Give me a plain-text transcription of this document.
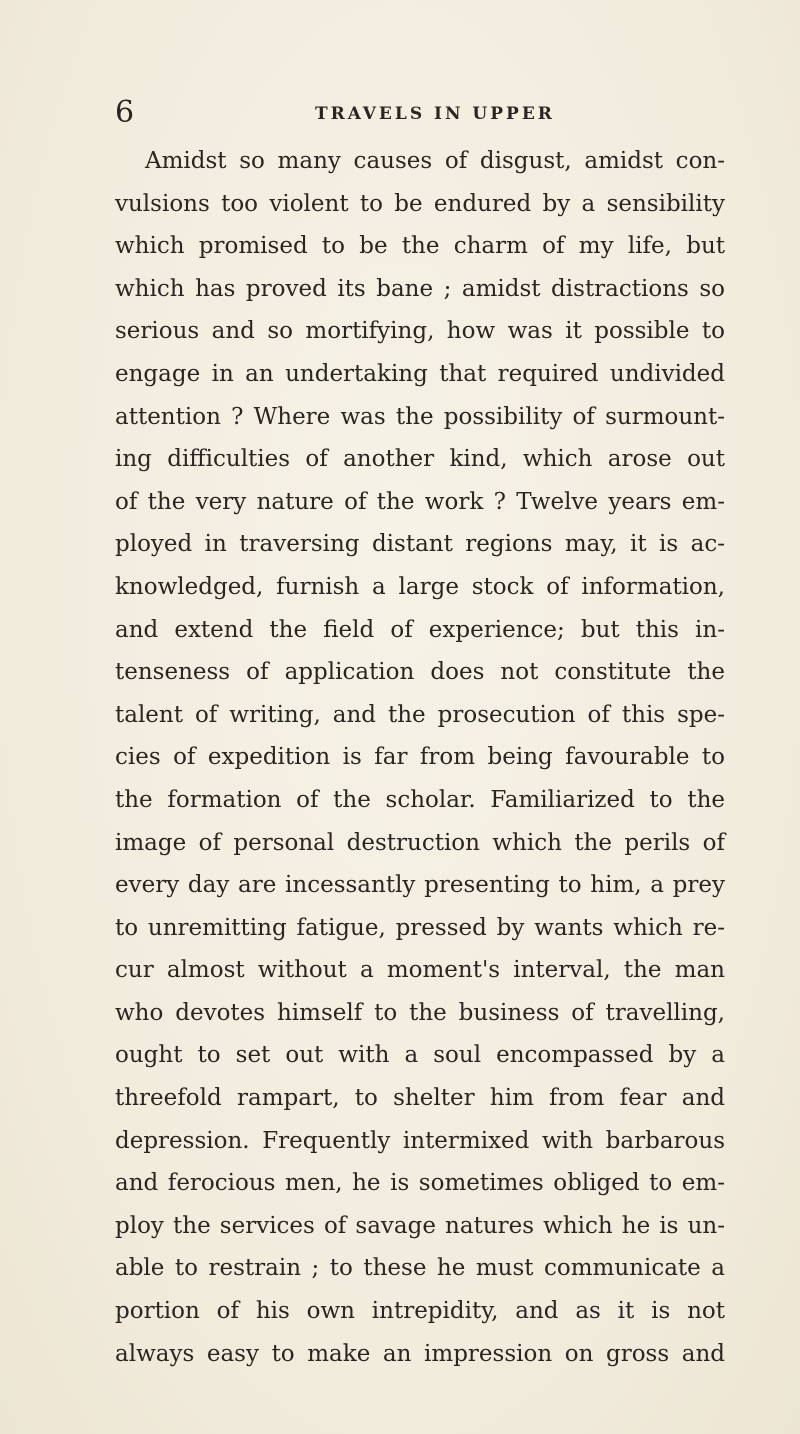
6	TRAVELS IN UPPER
Amidst so many causes of disgust, amidst con-
vulsions too violent to be endured by a sensibility
which promised to be the charm of my life, but
which has proved its bane ; amidst distractions so
serious and so mortifying, how was it possible to
engage in an undertaking that required undivided
attention ? Where was the possibility of surmount-
ing difficulties of another kind, which arose out
of the very nature of the work ? Twelve years em-
ployed in traversing distant regions may, it is ac-
knowledged, furnish a large stock of information,
and extend the field of experience; but this in-
tenseness of application does not constitute the
talent of writing, and the prosecution of this spe-
cies of expedition is far from being favourable to
the formation of the scholar. Familiarized to the
image of personal destruction which the perils of
every day are incessantly presenting to him, a prey
to unremitting fatigue, pressed by wants which re-
cur almost without a moment's interval, the man
who devotes himself to the business of travelling,
ought to set out with a soul encompassed by a
threefold rampart, to shelter him from fear and
depression. Frequently intermixed with barbarous
and ferocious men, he is sometimes obliged to em-
ploy the services of savage natures which he is un-
able to restrain ; to these he must communicate a
portion of his own intrepidity, and as it is not
always easy to make an impression on gross and
